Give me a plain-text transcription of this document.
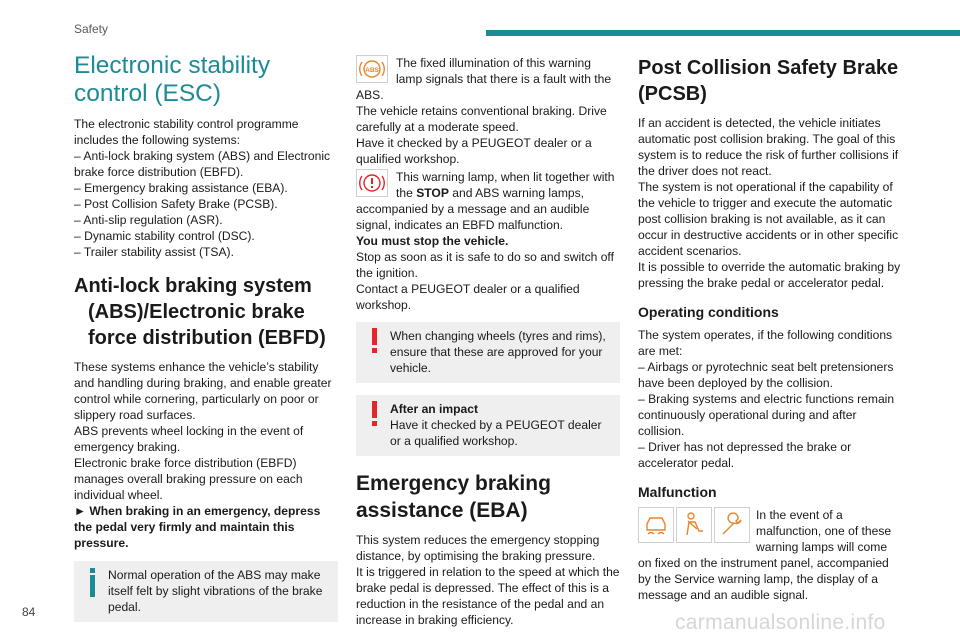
Safety
Electronic stability control (ESC)

The electronic stability control programme includes the following systems:

– Anti-lock braking system (ABS) and Electronic brake force distribution (EBFD).

– Emergency braking assistance (EBA).

– Post Collision Safety Brake (PCSB).

– Anti-slip regulation (ASR).

– Dynamic stability control (DSC).

– Trailer stability assist (TSA).

Anti-lock braking system (ABS)/Electronic brake force distribution (EBFD)

These systems enhance the vehicle’s stability and handling during braking, and enable greater control while cornering, particularly on poor or slippery road surfaces.

ABS prevents wheel locking in the event of emergency braking.

Electronic brake force distribution (EBFD) manages overall braking pressure on each individual wheel.

► When braking in an emergency, depress the pedal very firmly and maintain this pressure.

Normal operation of the ABS may make itself felt by slight vibrations of the brake pedal.
ABS
The fixed illumination of this warning lamp signals that there is a fault with the ABS.

The vehicle retains conventional braking. Drive carefully at a moderate speed.

Have it checked by a PEUGEOT dealer or a qualified workshop.

This warning lamp, when lit together with the STOP and ABS warning lamps, accompanied by a message and an audible signal, indicates an EBFD malfunction.

You must stop the vehicle.

Stop as soon as it is safe to do so and switch off the ignition.

Contact a PEUGEOT dealer or a qualified workshop.

When changing wheels (tyres and rims), ensure that these are approved for your vehicle.
After an impact
Have it checked by a PEUGEOT dealer or a qualified workshop.
Emergency braking assistance (EBA)

This system reduces the emergency stopping distance, by optimising the braking pressure.

It is triggered in relation to the speed at which the brake pedal is depressed. The effect of this is a reduction in the resistance of the pedal and an increase in braking efficiency.

Post Collision Safety Brake (PCSB)

If an accident is detected, the vehicle initiates automatic post collision braking. The goal of this system is to reduce the risk of further collisions if the driver does not react.

The system is not operational if the capability of the vehicle to trigger and execute the automatic post collision braking is not available, as it can occur in destructive accidents or in other specific accident scenarios.

It is possible to override the automatic braking by pressing the brake pedal or accelerator pedal.

Operating conditions

The system operates, if the following conditions are met:

– Airbags or pyrotechnic seat belt pretensioners have been deployed by the collision.

– Braking systems and electric functions remain continuously operational during and after collision.

– Driver has not depressed the brake or accelerator pedal.

Malfunction
In the event of a malfunction, one of these warning lamps will come on fixed on the instrument panel, accompanied by the Service warning lamp, the display of a message and an audible signal.
84	carmanualsonline.info
